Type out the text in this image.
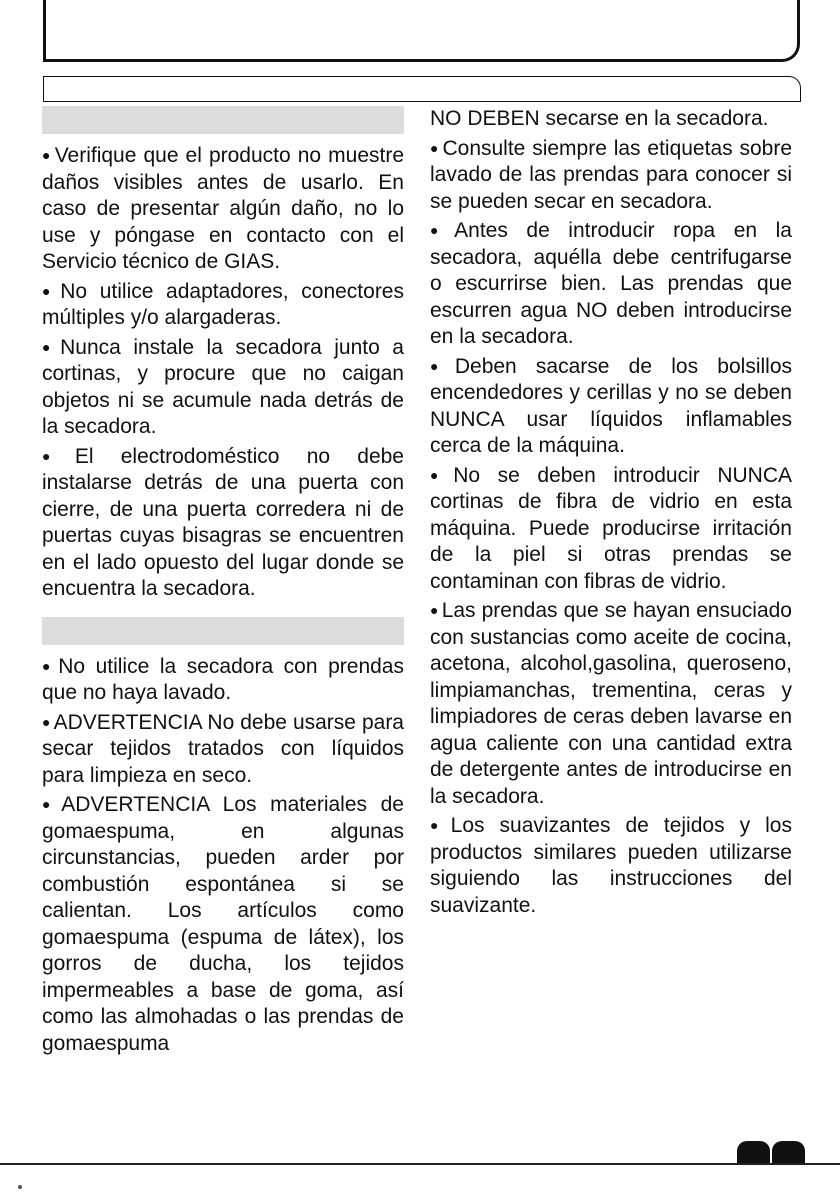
● Verifique que el producto no muestre daños visibles antes de usarlo. En caso de presentar algún daño, no lo use y póngase en contacto con el Servicio técnico de GIAS.

● No utilice adaptadores, conectores múltiples y/o alargaderas.

● Nunca instale la secadora junto a cortinas, y procure que no caigan objetos ni se acumule nada detrás de la secadora.

● El electrodoméstico no debe instalarse detrás de una puerta con cierre, de una puerta corredera ni de puertas cuyas bisagras se encuentren en el lado opuesto del lugar donde se encuentra la secadora.

● No utilice la secadora con prendas que no haya lavado.

● ADVERTENCIA No debe usarse para secar tejidos tratados con líquidos para limpieza en seco.

● ADVERTENCIA Los materiales de gomaespuma, en algunas circunstancias, pueden arder por combustión espontánea si se calientan. Los artículos como gomaespuma (espuma de látex), los gorros de ducha, los tejidos impermeables a base de goma, así como las almohadas o las prendas de gomaespuma

NO DEBEN secarse en la secadora.

● Consulte siempre las etiquetas sobre lavado de las prendas para conocer si se pueden secar en secadora.

● Antes de introducir ropa en la secadora, aquélla debe centrifugarse o escurrirse bien. Las prendas que escurren agua NO deben introducirse en la secadora.

● Deben sacarse de los bolsillos encendedores y cerillas y no se deben NUNCA usar líquidos inflamables cerca de la máquina.

● No se deben introducir NUNCA cortinas de fibra de vidrio en esta máquina. Puede producirse irritación de la piel si otras prendas se contaminan con fibras de vidrio.

● Las prendas que se hayan ensuciado con sustancias como aceite de cocina, acetona, alcohol,gasolina, queroseno, limpiamanchas, trementina, ceras y limpiadores de ceras deben lavarse en agua caliente con una cantidad extra de detergente antes de introducirse en la secadora.

● Los suavizantes de tejidos y los productos similares pueden utilizarse siguiendo las instrucciones del suavizante.
